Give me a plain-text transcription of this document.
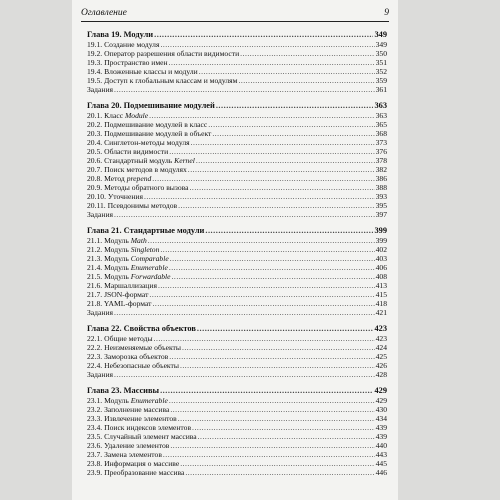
Оглавление	9
Глава 19. Модули .....	349
19.1. Создание модуля .....	349
19.2. Оператор разрешения области видимости .....	350
19.3. Пространство имен .....	351
19.4. Вложенные классы и модули .....	352
19.5. Доступ к глобальным классам и модулям .....	359
Задания .....	361
Глава 20. Подмешивание модулей .....	363
20.1. Класс Module .....	363
20.2. Подмешивание модулей в класс .....	365
20.3. Подмешивание модулей в объект .....	368
20.4. Синглетон-методы модуля .....	373
20.5. Области видимости .....	376
20.6. Стандартный модуль Kernel .....	378
20.7. Поиск методов в модулях .....	382
20.8. Метод prepend .....	386
20.9. Методы обратного вызова .....	388
20.10. Уточнения .....	393
20.11. Псевдонимы методов .....	395
Задания .....	397
Глава 21. Стандартные модули .....	399
21.1. Модуль Math .....	399
21.2. Модуль Singleton .....	402
21.3. Модуль Comparable .....	403
21.4. Модуль Enumerable .....	406
21.5. Модуль Forwardable .....	408
21.6. Маршаллизация .....	413
21.7. JSON-формат .....	415
21.8. YAML-формат .....	418
Задания .....	421
Глава 22. Свойства объектов .....	423
22.1. Общие методы .....	423
22.2. Неизменяемые объекты .....	424
22.3. Заморозка объектов .....	425
22.4. Небезопасные объекты .....	426
Задания .....	428
Глава 23. Массивы .....	429
23.1. Модуль Enumerable .....	429
23.2. Заполнение массива .....	430
23.3. Извлечение элементов .....	434
23.4. Поиск индексов элементов .....	439
23.5. Случайный элемент массива .....	439
23.6. Удаление элементов .....	440
23.7. Замена элементов .....	443
23.8. Информация о массиве .....	445
23.9. Преобразование массива .....	446
